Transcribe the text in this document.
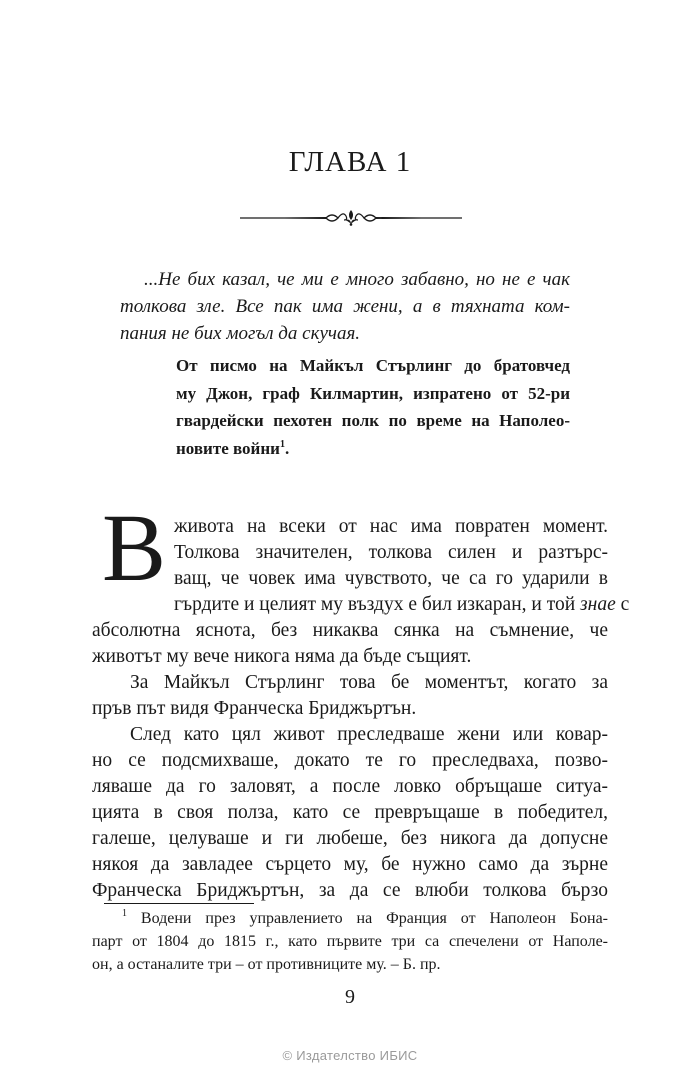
ГЛАВА 1
...Не бих казал, че ми е много забавно, но не е чак
толкова зле. Все пак има жени, а в тяхната ком-
пания не бих могъл да скучая.
От писмо на Майкъл Стърлинг до братовчед
му Джон, граф Килмартин, изпратено от 52-ри
гвардейски пехотен полк по време на Наполео-
новите войни$^1$.
В живота на всеки от нас има повратен момент.
Толкова значителен, толкова силен и разтърс-
ващ, че човек има чувството, че са го ударили в
гърдите и целият му въздух е бил изкаран, и той знае с
абсолютна яснота, без никаква сянка на съмнение, че
животът му вече никога няма да бъде същият.
За Майкъл Стърлинг това бе моментът, когато за
пръв път видя Франческа Бриджъртън.
След като цял живот преследваше жени или ковар-
но се подсмихваше, докато те го преследваха, позво-
ляваше да го заловят, а после ловко обръщаше ситуа-
цията в своя полза, като се превръщаше в победител,
галеше, целуваше и ги любеше, без никога да допусне
някоя да завладее сърцето му, бе нужно само да зърне
Франческа Бриджъртън, за да се влюби толкова бързо
$^1$ Водени през управлението на Франция от Наполеон Бона-
парт от 1804 до 1815 г., като първите три са спечелени от Наполе-
он, а останалите три – от противниците му. – Б. пр.
9
© Издателство ИБИС
